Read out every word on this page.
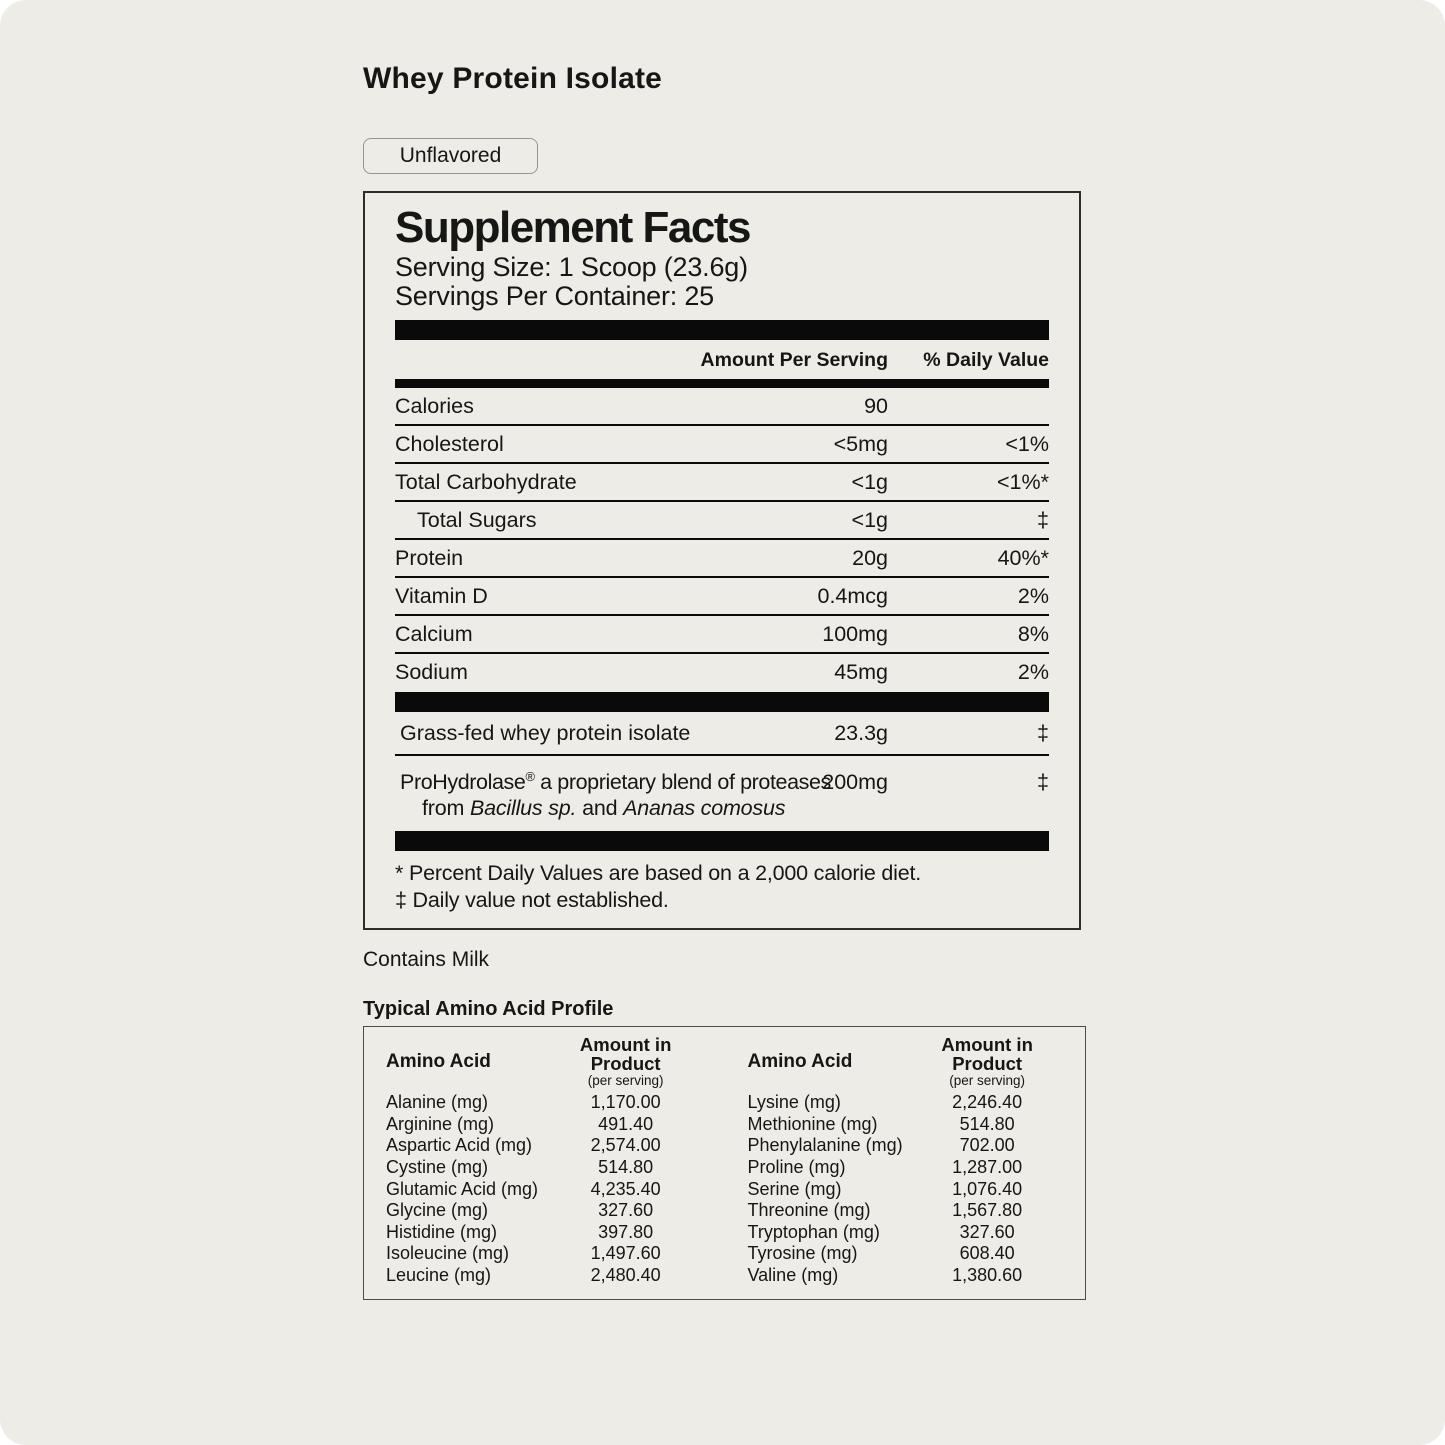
Whey Protein Isolate
Unflavored
Supplement Facts
Serving Size: 1 Scoop (23.6g)
Servings Per Container: 25
Amount Per Serving	% Daily Value
Calories	90
Cholesterol	<5mg	<1%
Total Carbohydrate	<1g	<1%*
Total Sugars	<1g	‡
Protein	20g	40%*
Vitamin D	0.4mcg	2%
Calcium	100mg	8%
Sodium	45mg	2%
Grass-fed whey protein isolate	23.3g	‡
ProHydrolase® a proprietary blend of proteases
from Bacillus sp. and Ananas comosus
200mg	‡
* Percent Daily Values are based on a 2,000 calorie diet.
‡ Daily value not established.
Contains Milk
Typical Amino Acid Profile
Amino Acid
Amount in Product
(per serving)
Alanine (mg)	1,170.00
Arginine (mg)	491.40
Aspartic Acid (mg)	2,574.00
Cystine (mg)	514.80
Glutamic Acid (mg)	4,235.40
Glycine (mg)	327.60
Histidine (mg)	397.80
Isoleucine (mg)	1,497.60
Leucine (mg)	2,480.40
Amino Acid
Amount in Product
(per serving)
Lysine (mg)	2,246.40
Methionine (mg)	514.80
Phenylalanine (mg)	702.00
Proline (mg)	1,287.00
Serine (mg)	1,076.40
Threonine (mg)	1,567.80
Tryptophan (mg)	327.60
Tyrosine (mg)	608.40
Valine (mg)	1,380.60
